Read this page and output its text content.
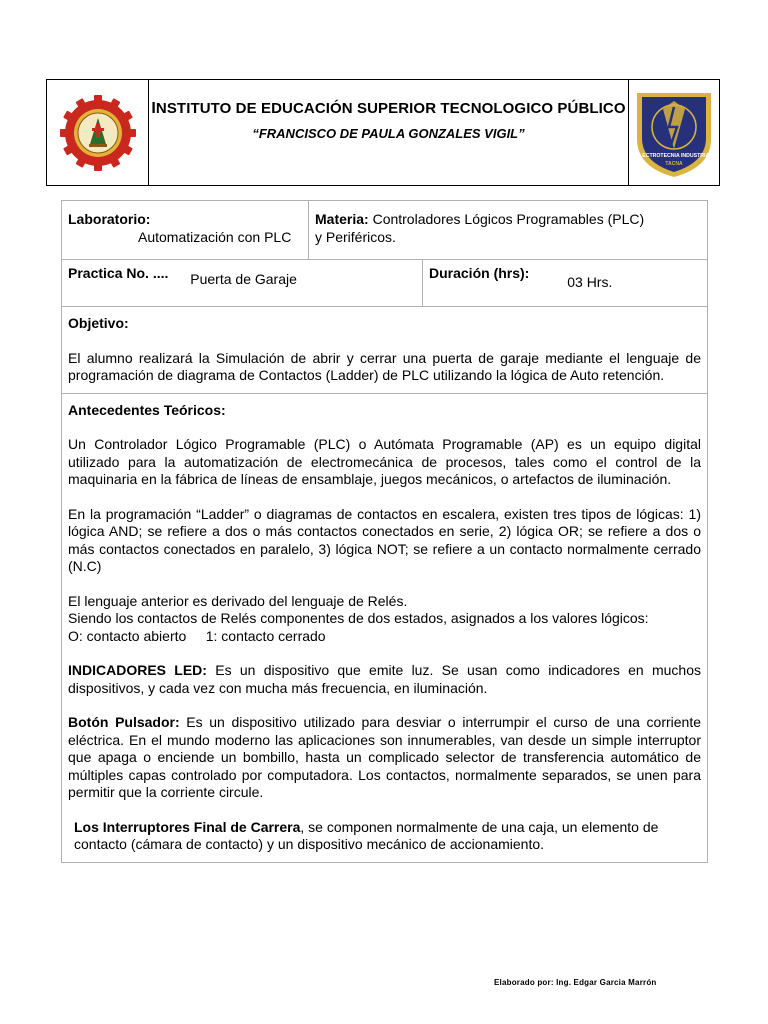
INSTITUTO DE EDUCACIÓN SUPERIOR TECNOLOGICO PÚBLICO
“FRANCISCO DE PAULA GONZALES VIGIL”
ELECTROTECNIA INDUSTRIAL
TACNA
Laboratorio:
Automatización con PLC
Materia: Controladores Lógicos Programables (PLC)
y Periféricos.
Practica No. .... Puerta de Garaje	Duración (hrs): 03 Hrs.
Objetivo:

El alumno realizará la Simulación de abrir y cerrar una puerta de garaje mediante el lenguaje de programación de diagrama de Contactos (Ladder) de PLC utilizando la lógica de Auto retención.

Antecedentes Teóricos:

Un Controlador Lógico Programable (PLC) o Autómata Programable (AP) es un equipo digital utilizado para la automatización de electromecánica de procesos, tales como el control de la maquinaria en la fábrica de líneas de ensamblaje, juegos mecánicos, o artefactos de iluminación.

En la programación “Ladder” o diagramas de contactos en escalera, existen tres tipos de lógicas: 1) lógica AND; se refiere a dos o más contactos conectados en serie, 2) lógica OR; se refiere a dos o más contactos conectados en paralelo, 3) lógica NOT; se refiere a un contacto normalmente cerrado (N.C)

El lenguaje anterior es derivado del lenguaje de Relés.
Siendo los contactos de Relés componentes de dos estados, asignados a los valores lógicos:
O: contacto abierto     1: contacto cerrado

INDICADORES LED: Es un dispositivo que emite luz. Se usan como indicadores en muchos dispositivos, y cada vez con mucha más frecuencia, en iluminación.

Botón Pulsador: Es un dispositivo utilizado para desviar o interrumpir el curso de una corriente eléctrica. En el mundo moderno las aplicaciones son innumerables, van desde un simple interruptor que apaga o enciende un bombillo, hasta un complicado selector de transferencia automático de múltiples capas controlado por computadora. Los contactos, normalmente separados, se unen para permitir que la corriente circule.

Los Interruptores Final de Carrera, se componen normalmente de una caja, un elemento de contacto (cámara de contacto) y un dispositivo mecánico de accionamiento.

Elaborado por: Ing. Edgar Garcia Marrón
